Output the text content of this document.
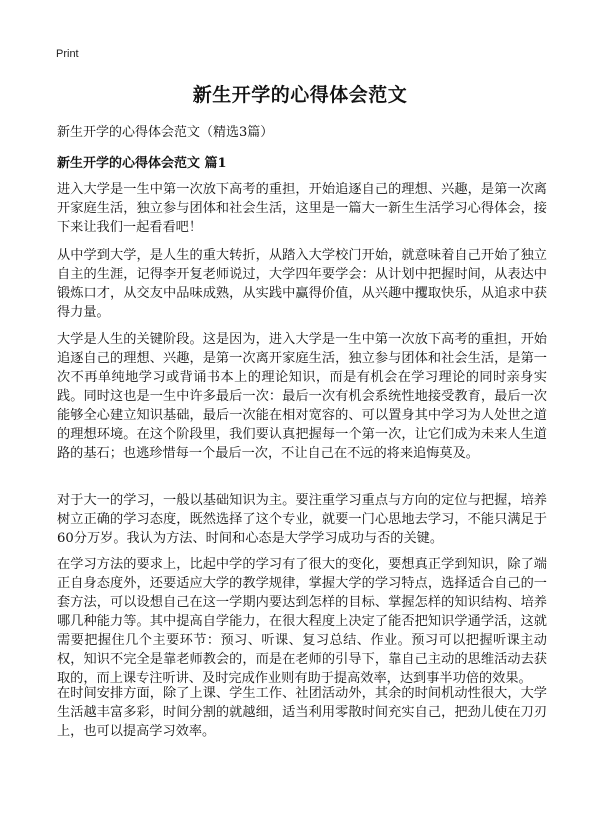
Print
新生开学的心得体会范文
新生开学的心得体会范文（精选3篇）
新生开学的心得体会范文 篇1

进入大学是一生中第一次放下高考的重担，开始追逐自己的理想、兴趣，是第一次离开家庭生活，独立参与团体和社会生活，这里是一篇大一新生生活学习心得体会，接下来让我们一起看看吧！

从中学到大学，是人生的重大转折，从踏入大学校门开始，就意味着自己开始了独立自主的生涯，记得李开复老师说过，大学四年要学会：从计划中把握时间，从表达中锻炼口才，从交友中品味成熟，从实践中赢得价值，从兴趣中攫取快乐，从追求中获得力量。

大学是人生的关键阶段。这是因为，进入大学是一生中第一次放下高考的重担，开始追逐自己的理想、兴趣，是第一次离开家庭生活，独立参与团体和社会生活，是第一次不再单纯地学习或背诵书本上的理论知识，而是有机会在学习理论的同时亲身实践。同时这也是一生中许多最后一次：最后一次有机会系统性地接受教育，最后一次能够全心建立知识基础，最后一次能在相对宽容的、可以置身其中学习为人处世之道的理想环境。在这个阶段里，我们要认真把握每一个第一次，让它们成为未来人生道路的基石；也逃珍惜每一个最后一次，不让自己在不远的将来追悔莫及。

对于大一的学习，一般以基础知识为主。要注重学习重点与方向的定位与把握，培养树立正确的学习态度，既然选择了这个专业，就要一门心思地去学习，不能只满足于60分万岁。我认为方法、时间和心态是大学学习成功与否的关键。

在学习方法的要求上，比起中学的学习有了很大的变化，要想真正学到知识，除了端正自身态度外，还要适应大学的教学规律，掌握大学的学习特点，选择适合自己的一套方法，可以设想自己在这一学期内要达到怎样的目标、掌握怎样的知识结构、培养哪几种能力等。其中提高自学能力，在很大程度上决定了能否把知识学通学活，这就需要把握住几个主要环节：预习、听课、复习总结、作业。预习可以把握听课主动权，知识不完全是靠老师教会的，而是在老师的引导下，靠自己主动的思维活动去获取的，而上课专注听讲、及时完成作业则有助于提高效率，达到事半功倍的效果。

在时间安排方面，除了上课、学生工作、社团活动外，其余的时间机动性很大，大学生活越丰富多彩，时间分割的就越细，适当利用零散时间充实自己，把劲儿使在刀刃上，也可以提高学习效率。
